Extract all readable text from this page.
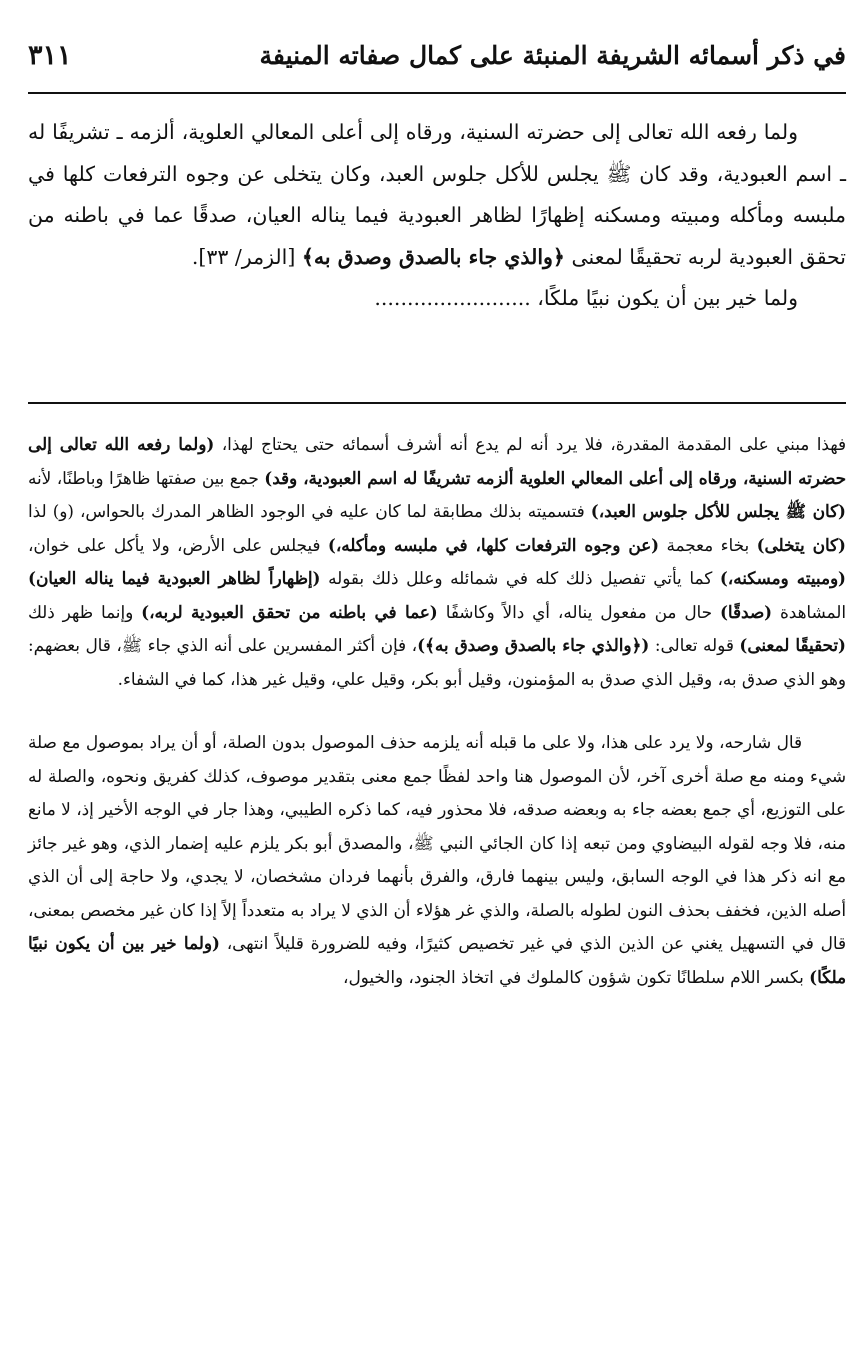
في ذكر أسمائه الشريفة المنبئة على كمال صفاته المنيفة
٣١١

ولما رفعه الله تعالى إلى حضرته السنية، ورقاه إلى أعلى المعالي العلوية، ألزمه ـ تشريفًا له ـ اسم العبودية، وقد كان ﷺ يجلس للأكل جلوس العبد، وكان يتخلى عن وجوه الترفعات كلها في ملبسه ومأكله ومبيته ومسكنه إظهارًا لظاهر العبودية فيما يناله العيان، صدقًا عما في باطنه من تحقق العبودية لربه تحقيقًا لمعنى ﴿والذي جاء بالصدق وصدق به﴾ [الزمر/ ٣٣].

ولما خير بين أن يكون نبيًا ملكًا، ........................

فهذا مبني على المقدمة المقدرة، فلا يرد أنه لم يدع أنه أشرف أسمائه حتى يحتاج لهذا، (ولما رفعه الله تعالى إلى حضرته السنية، ورقاه إلى أعلى المعالي العلوية ألزمه تشريفًا له اسم العبودية، وقد) جمع بين صفتها ظاهرًا وباطنًا، لأنه (كان ﷺ يجلس للأكل جلوس العبد،) فتسميته بذلك مطابقة لما كان عليه في الوجود الظاهر المدرك بالحواس، (و) لذا (كان يتخلى) بخاء معجمة (عن وجوه الترفعات كلها، في ملبسه ومأكله،) فيجلس على الأرض، ولا يأكل على خوان، (ومبيته ومسكنه،) كما يأتي تفصيل ذلك كله في شمائله وعلل ذلك بقوله (إظهاراً لظاهر العبودية فيما يناله العيان) المشاهدة (صدقًا) حال من مفعول يناله، أي دالاً وكاشفًا (عما في باطنه من تحقق العبودية لربه،) وإنما ظهر ذلك (تحقيقًا لمعنى) قوله تعالى: (﴿والذي جاء بالصدق وصدق به﴾)، فإن أكثر المفسرين على أنه الذي جاء ﷺ، قال بعضهم: وهو الذي صدق به، وقيل الذي صدق به المؤمنون، وقيل أبو بكر، وقيل علي، وقيل غير هذا، كما في الشفاء.

قال شارحه، ولا يرد على هذا، ولا على ما قبله أنه يلزمه حذف الموصول بدون الصلة، أو أن يراد بموصول مع صلة شيء ومنه مع صلة أخرى آخر، لأن الموصول هنا واحد لفظًا جمع معنى بتقدير موصوف، كذلك كفريق ونحوه، والصلة له على التوزيع، أي جمع بعضه جاء به وبعضه صدقه، فلا محذور فيه، كما ذكره الطيبي، وهذا جار في الوجه الأخير إذ، لا مانع منه، فلا وجه لقوله البيضاوي ومن تبعه إذا كان الجائي النبي ﷺ، والمصدق أبو بكر يلزم عليه إضمار الذي، وهو غير جائز مع انه ذكر هذا في الوجه السابق، وليس بينهما فارق، والفرق بأنهما فردان مشخصان، لا يجدي، ولا حاجة إلى أن الذي أصله الذين، فخفف بحذف النون لطوله بالصلة، والذي غر هؤلاء أن الذي لا يراد به متعدداً إلاً إذا كان غير مخصص بمعنى، قال في التسهيل يغني عن الذين الذي في غير تخصيص كثيرًا، وفيه للضرورة قليلاً انتهى، (ولما خير بين أن يكون نبيًا ملكًا) بكسر اللام سلطانًا تكون شؤون كالملوك في اتخاذ الجنود، والخيول،
